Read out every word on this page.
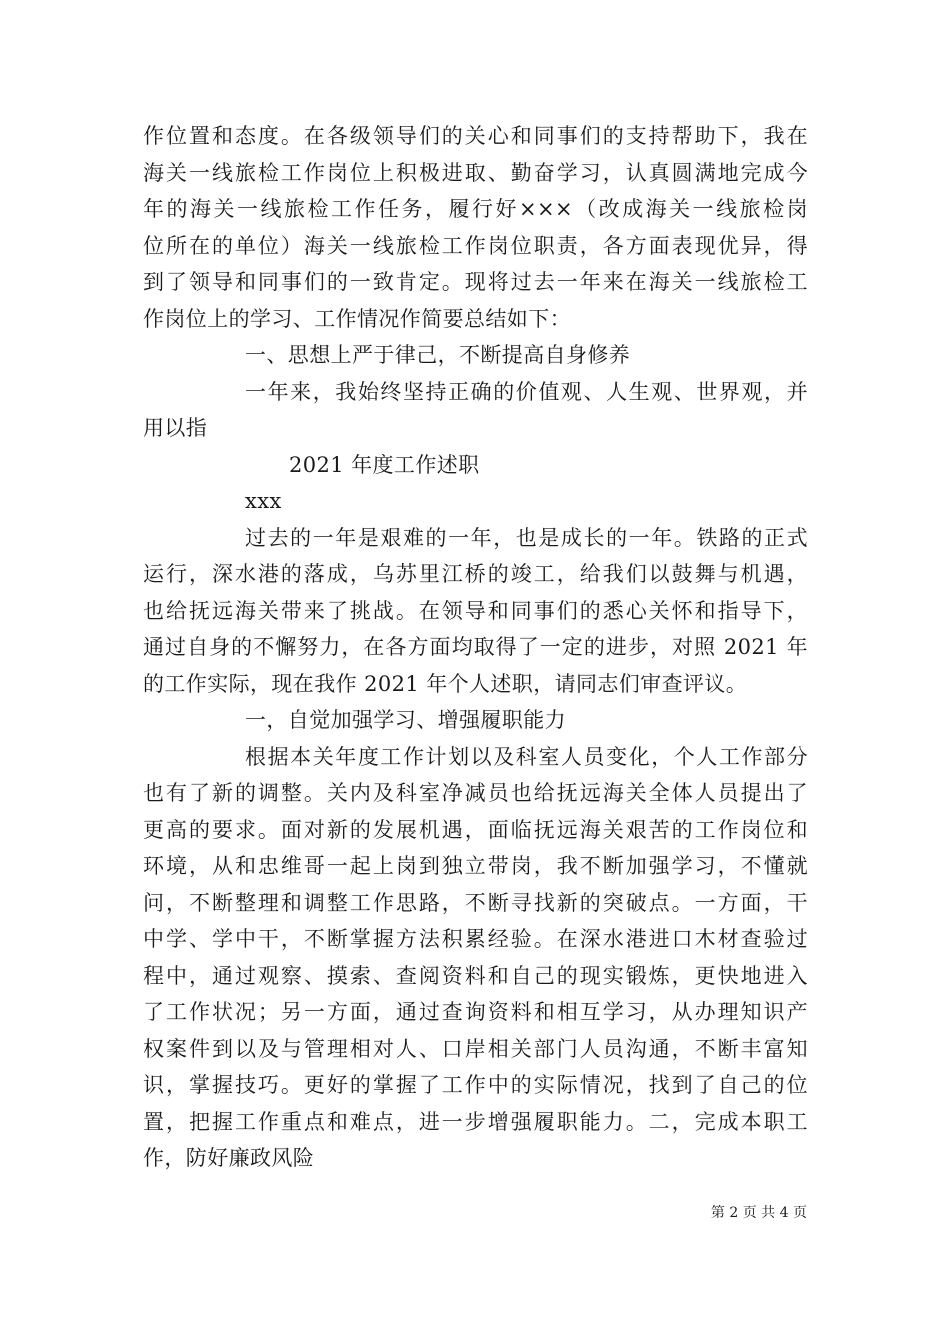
作位置和态度。在各级领导们的关心和同事们的支持帮助下，我在
海关一线旅检工作岗位上积极进取、勤奋学习，认真圆满地完成今
年的海关一线旅检工作任务，履行好×××（改成海关一线旅检岗
位所在的单位）海关一线旅检工作岗位职责，各方面表现优异，得
到了领导和同事们的一致肯定。现将过去一年来在海关一线旅检工
作岗位上的学习、工作情况作简要总结如下：
一、思想上严于律己，不断提高自身修养
一年来，我始终坚持正确的价值观、人生观、世界观，并
用以指
2021 年度工作述职
xxx
过去的一年是艰难的一年，也是成长的一年。铁路的正式
运行，深水港的落成，乌苏里江桥的竣工，给我们以鼓舞与机遇，
也给抚远海关带来了挑战。在领导和同事们的悉心关怀和指导下，
通过自身的不懈努力，在各方面均取得了一定的进步，对照 2021 年
的工作实际，现在我作 2021 年个人述职，请同志们审查评议。
一，自觉加强学习、增强履职能力
根据本关年度工作计划以及科室人员变化，个人工作部分
也有了新的调整。关内及科室净减员也给抚远海关全体人员提出了
更高的要求。面对新的发展机遇，面临抚远海关艰苦的工作岗位和
环境，从和忠维哥一起上岗到独立带岗，我不断加强学习，不懂就
问，不断整理和调整工作思路，不断寻找新的突破点。一方面，干
中学、学中干，不断掌握方法积累经验。在深水港进口木材查验过
程中，通过观察、摸索、查阅资料和自己的现实锻炼，更快地进入
了工作状况；另一方面，通过查询资料和相互学习，从办理知识产
权案件到以及与管理相对人、口岸相关部门人员沟通，不断丰富知
识，掌握技巧。更好的掌握了工作中的实际情况，找到了自己的位
置，把握工作重点和难点，进一步增强履职能力。二，完成本职工
作，防好廉政风险
第 2 页 共 4 页
